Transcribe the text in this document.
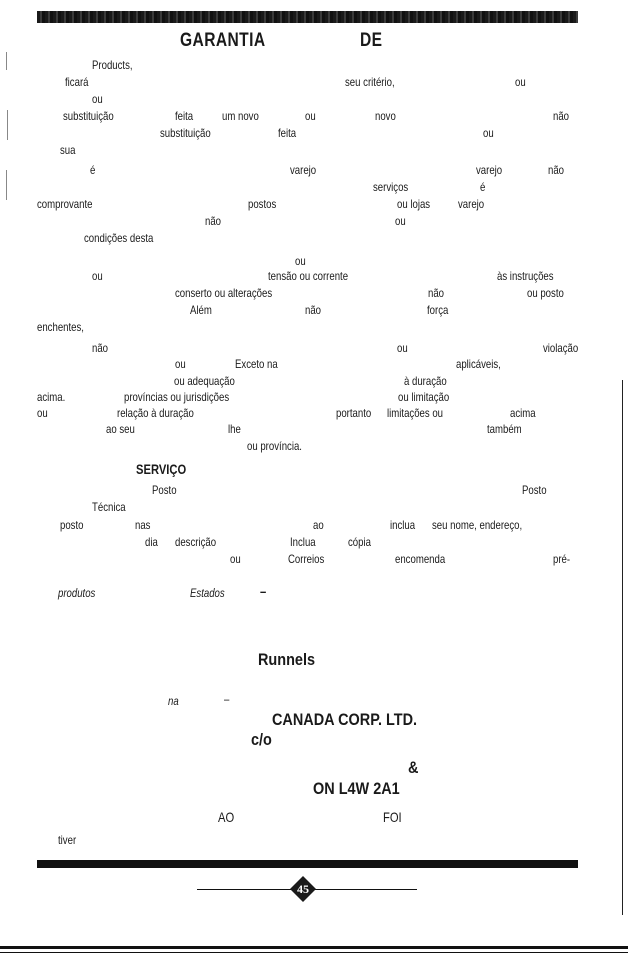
GARANTIA	DE
Products,
ficará	seu critério,	ou
ou
substituição	feita um novo	ou	novo	não
substituição	feita	ou
sua
é	varejo	varejo	não
serviços	é
comprovante	postos	ou lojas varejo
não	ou
condições desta
ou
ou	tensão ou corrente	às instruções
conserto ou alterações	não	ou posto
Além	não	força
enchentes,
não	ou	violação
ou	Exceto na	aplicáveis,
ou adequação	à duração
acima.	províncias ou jurisdições	ou limitação
ou	relação à duração	portanto limitações ou	acima
ao seu	lhe	também
ou província.
SERVIÇO
Posto	Posto
Técnica
posto	nas	ao	inclua seu nome, endereço,
dia descrição	Inclua	cópia
ou	Correios	encomenda	pré-
produtos	Estados	–
Runnels
na	–
CANADA CORP. LTD.
c/o
&
ON L4W 2A1
AO	FOI
tiver
45
